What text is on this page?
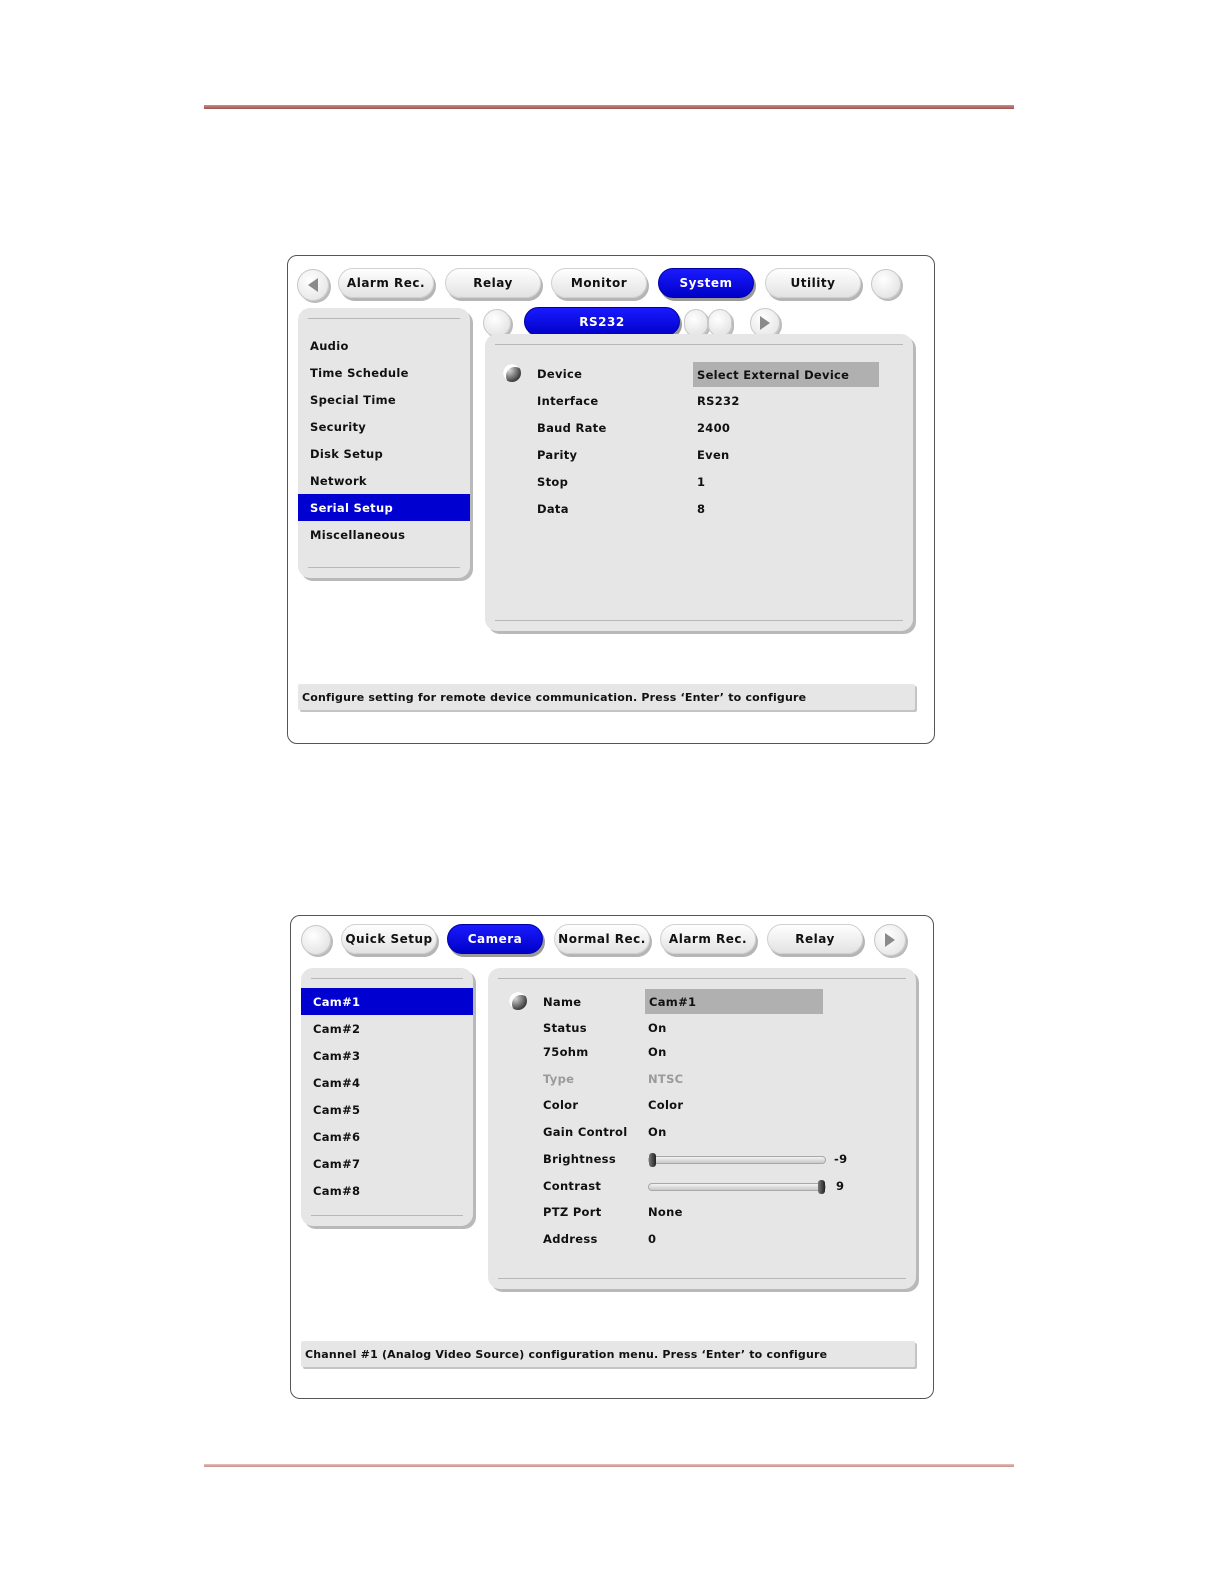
Alarm Rec.	Relay	Monitor	System	Utility
Audio
Time Schedule
Special Time
Security
Disk Setup
Network
Serial Setup
Miscellaneous
RS232
Device	Select External Device
Interface	RS232
Baud Rate	2400
Parity	Even
Stop	1
Data	8
Configure setting for remote device communication. Press ‘Enter’ to configure
Quick Setup	Camera	Normal Rec. Alarm Rec.	Relay
Cam#1
Cam#2
Cam#3
Cam#4
Cam#5
Cam#6
Cam#7
Cam#8
Name	Cam#1
Status	On
75ohm	On
Type	NTSC
Color	Color
Gain Control On
Brightness	-9
Contrast	9
PTZ Port	None
Address	0
Channel #1 (Analog Video Source) configuration menu. Press ‘Enter’ to configure
